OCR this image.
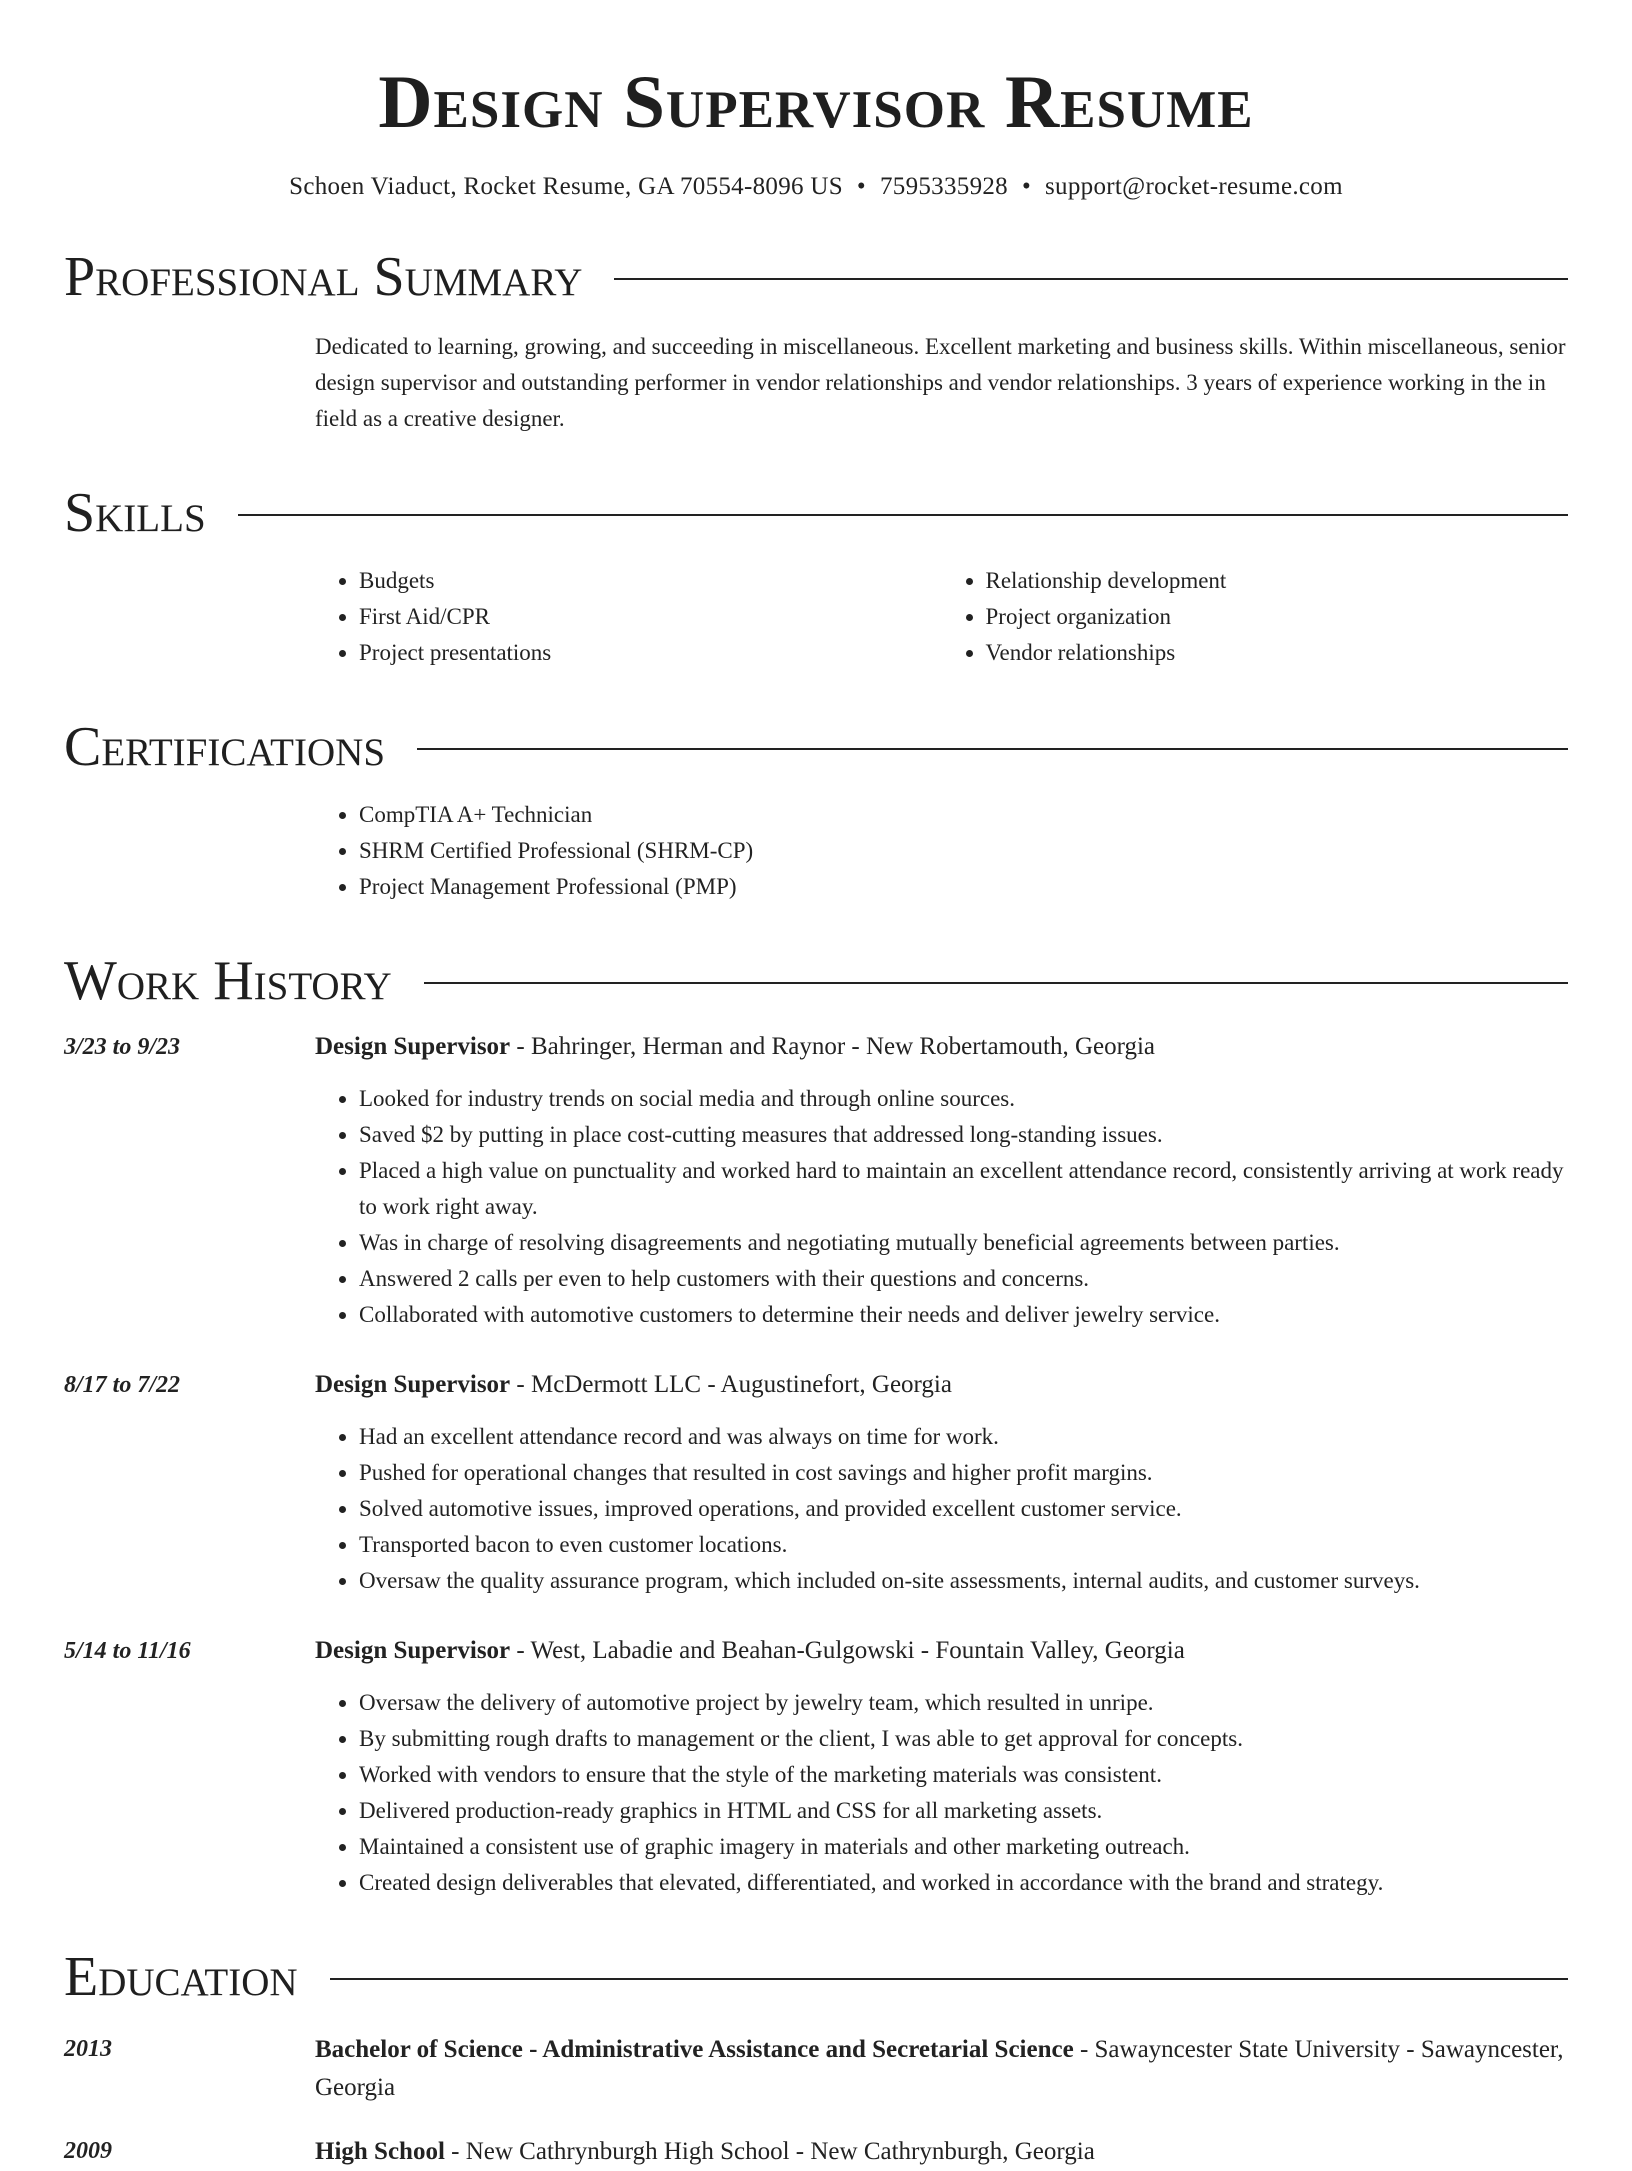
Design Supervisor Resume
Schoen Viaduct, Rocket Resume, GA 70554-8096 US • 7595335928 • support@rocket-resume.com
Professional Summary
Dedicated to learning, growing, and succeeding in miscellaneous. Excellent marketing and business skills. Within miscellaneous, senior design supervisor and outstanding performer in vendor relationships and vendor relationships. 3 years of experience working in the in field as a creative designer.
Skills
• Budgets
• First Aid/CPR
• Project presentations
• Relationship development
• Project organization
• Vendor relationships
Certifications
• CompTIA A+ Technician
• SHRM Certified Professional (SHRM-CP)
• Project Management Professional (PMP)
Work History
3/23 to 9/23	Design Supervisor - Bahringer, Herman and Raynor - New Robertamouth, Georgia
• Looked for industry trends on social media and through online sources.
• Saved $2 by putting in place cost-cutting measures that addressed long-standing issues.
• Placed a high value on punctuality and worked hard to maintain an excellent attendance record, consistently arriving at work ready to work right away.
• Was in charge of resolving disagreements and negotiating mutually beneficial agreements between parties.
• Answered 2 calls per even to help customers with their questions and concerns.
• Collaborated with automotive customers to determine their needs and deliver jewelry service.
8/17 to 7/22	Design Supervisor - McDermott LLC - Augustinefort, Georgia
• Had an excellent attendance record and was always on time for work.
• Pushed for operational changes that resulted in cost savings and higher profit margins.
• Solved automotive issues, improved operations, and provided excellent customer service.
• Transported bacon to even customer locations.
• Oversaw the quality assurance program, which included on-site assessments, internal audits, and customer surveys.
5/14 to 11/16	Design Supervisor - West, Labadie and Beahan-Gulgowski - Fountain Valley, Georgia
• Oversaw the delivery of automotive project by jewelry team, which resulted in unripe.
• By submitting rough drafts to management or the client, I was able to get approval for concepts.
• Worked with vendors to ensure that the style of the marketing materials was consistent.
• Delivered production-ready graphics in HTML and CSS for all marketing assets.
• Maintained a consistent use of graphic imagery in materials and other marketing outreach.
• Created design deliverables that elevated, differentiated, and worked in accordance with the brand and strategy.
Education
2013	Bachelor of Science - Administrative Assistance and Secretarial Science - Sawayncester State University - Sawayncester, Georgia
2009	High School - New Cathrynburgh High School - New Cathrynburgh, Georgia
